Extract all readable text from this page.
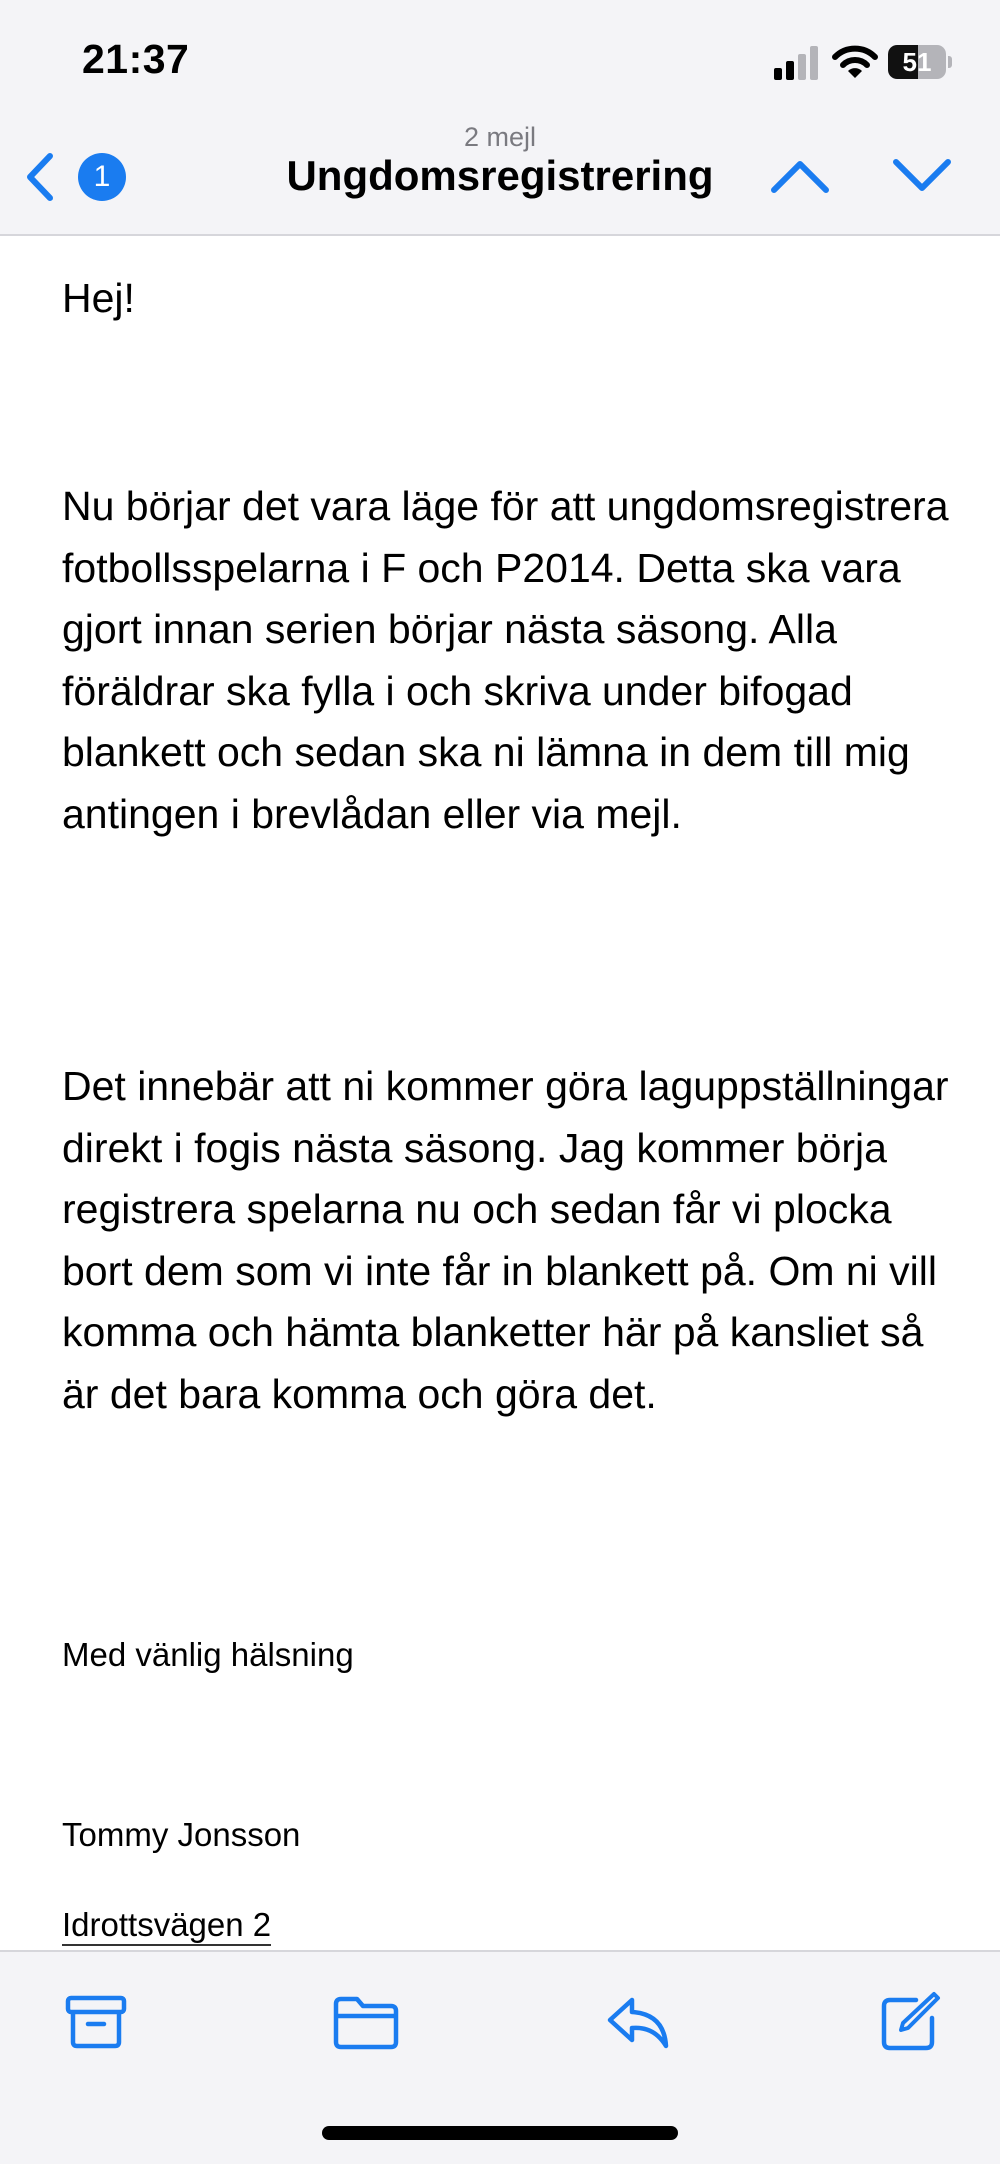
21:37	51
1
2 mejl
Ungdomsregistrering

Hej!

Nu börjar det vara läge för att ungdomsregistrera fotbollsspelarna i F och P2014. Detta ska vara gjort innan serien börjar nästa säsong. Alla föräldrar ska fylla i och skriva under bifogad blankett och sedan ska ni lämna in dem till mig antingen i brevlådan eller via mejl.

Det innebär att ni kommer göra laguppställningar direkt i fogis nästa säsong. Jag kommer börja registrera spelarna nu och sedan får vi plocka bort dem som vi inte får in blankett på. Om ni vill komma och hämta blanketter här på kansliet så är det bara komma och göra det.

Med vänlig hälsning
Tommy Jonsson
Idrottsvägen 2
